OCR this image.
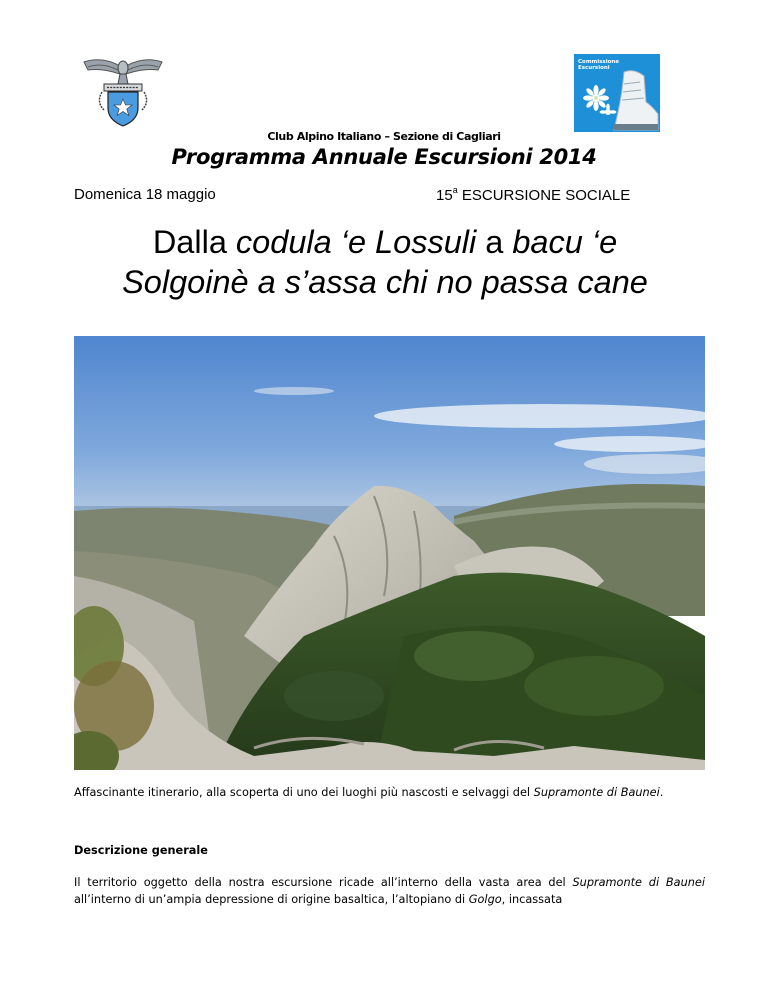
Commissione
Escursioni
Club Alpino Italiano – Sezione di Cagliari
Programma Annuale Escursioni 2014
Domenica 18 maggio	15$^a$ ESCURSIONE SOCIALE
Dalla codula ‘e Lossuli a bacu ‘e
Solgoinè a s’assa chi no passa cane
Affascinante itinerario, alla scoperta di uno dei luoghi più nascosti e selvaggi del Supramonte di Baunei.
Descrizione generale
Il territorio oggetto della nostra escursione ricade all’interno della vasta area del Supramonte di Baunei all’interno di un’ampia depressione di origine basaltica, l’altopiano di Golgo, incassata
